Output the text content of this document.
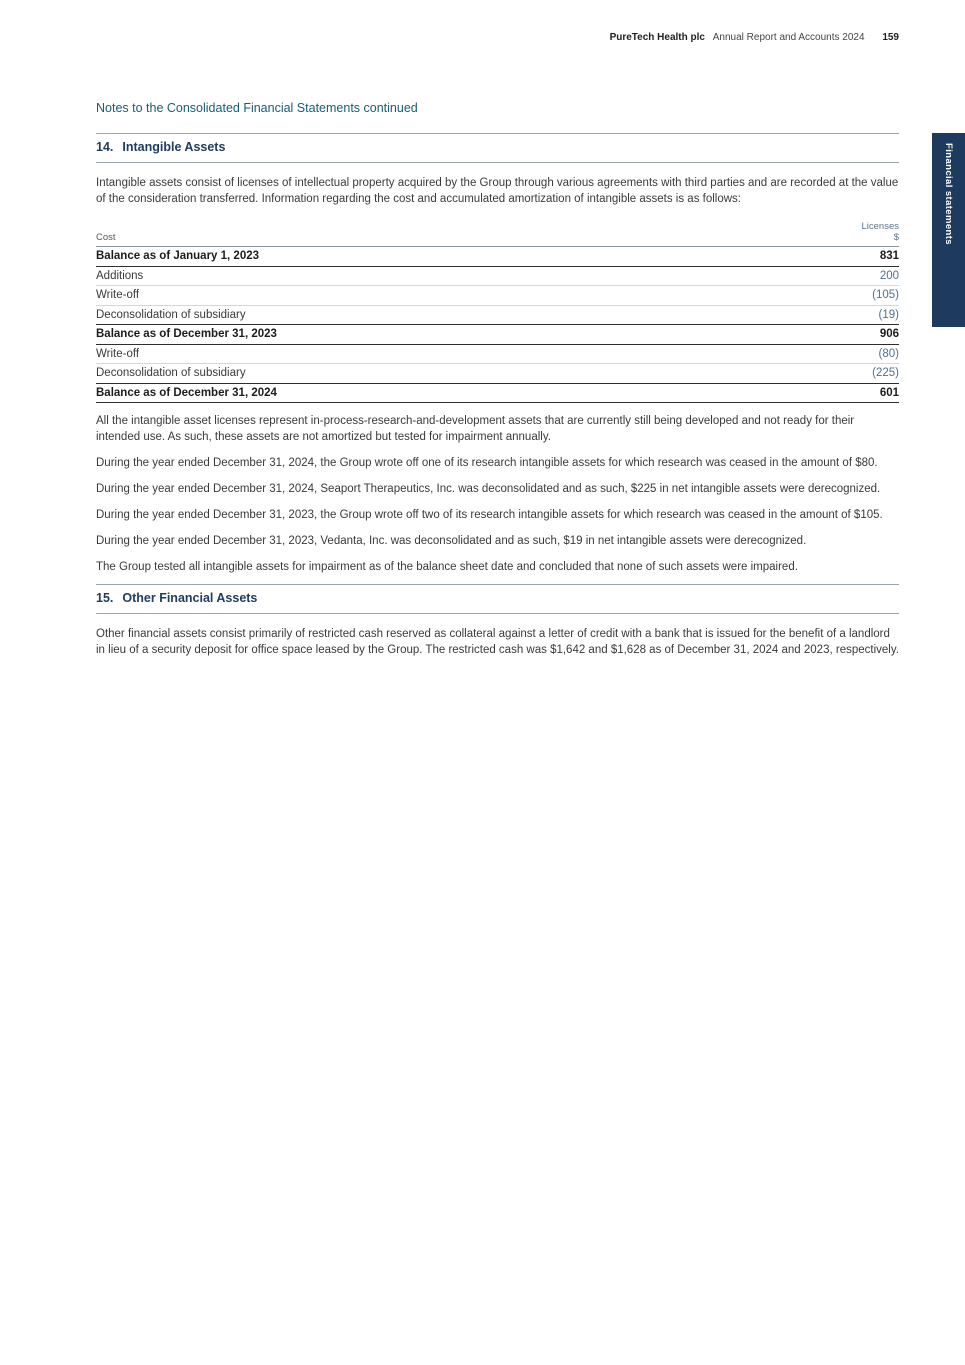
PureTech Health plc Annual Report and Accounts 2024 159
Financial statements
Notes to the Consolidated Financial Statements continued
14. Intangible Assets

Intangible assets consist of licenses of intellectual property acquired by the Group through various agreements with third parties and are recorded at the value of the consideration transferred. Information regarding the cost and accumulated amortization of intangible assets is as follows:

Licenses
Cost	$
Balance as of January 1, 2023	831
Additions	200
Write-off	(105)
Deconsolidation of subsidiary	(19)
Balance as of December 31, 2023	906
Write-off	(80)
Deconsolidation of subsidiary	(225)
Balance as of December 31, 2024	601

All the intangible asset licenses represent in-process-research-and-development assets that are currently still being developed and not ready for their intended use. As such, these assets are not amortized but tested for impairment annually.

During the year ended December 31, 2024, the Group wrote off one of its research intangible assets for which research was ceased in the amount of $80.

During the year ended December 31, 2024, Seaport Therapeutics, Inc. was deconsolidated and as such, $225 in net intangible assets were derecognized.

During the year ended December 31, 2023, the Group wrote off two of its research intangible assets for which research was ceased in the amount of $105.

During the year ended December 31, 2023, Vedanta, Inc. was deconsolidated and as such, $19 in net intangible assets were derecognized.

The Group tested all intangible assets for impairment as of the balance sheet date and concluded that none of such assets were impaired.

15. Other Financial Assets

Other financial assets consist primarily of restricted cash reserved as collateral against a letter of credit with a bank that is issued for the benefit of a landlord in lieu of a security deposit for office space leased by the Group. The restricted cash was $1,642 and $1,628 as of December 31, 2024 and 2023, respectively.
